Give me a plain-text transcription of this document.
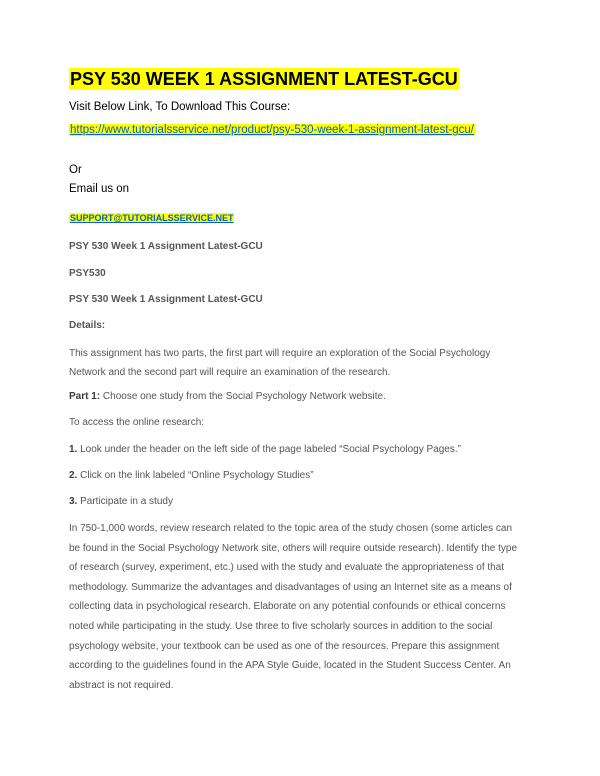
PSY 530 WEEK 1 ASSIGNMENT LATEST-GCU
Visit Below Link, To Download This Course:
https://www.tutorialsservice.net/product/psy-530-week-1-assignment-latest-gcu/
Or
Email us on
SUPPORT@TUTORIALSSERVICE.NET
PSY 530 Week 1 Assignment Latest-GCU
PSY530
PSY 530 Week 1 Assignment Latest-GCU
Details:
This assignment has two parts, the first part will require an exploration of the Social Psychology Network and the second part will require an examination of the research.
Part 1: Choose one study from the Social Psychology Network website.
To access the online research:
1. Look under the header on the left side of the page labeled “Social Psychology Pages.”
2. Click on the link labeled “Online Psychology Studies”
3. Participate in a study
In 750-1,000 words, review research related to the topic area of the study chosen (some articles can be found in the Social Psychology Network site, others will require outside research). Identify the type of research (survey, experiment, etc.) used with the study and evaluate the appropriateness of that methodology. Summarize the advantages and disadvantages of using an Internet site as a means of collecting data in psychological research. Elaborate on any potential confounds or ethical concerns noted while participating in the study. Use three to five scholarly sources in addition to the social psychology website, your textbook can be used as one of the resources. Prepare this assignment according to the guidelines found in the APA Style Guide, located in the Student Success Center. An abstract is not required.
